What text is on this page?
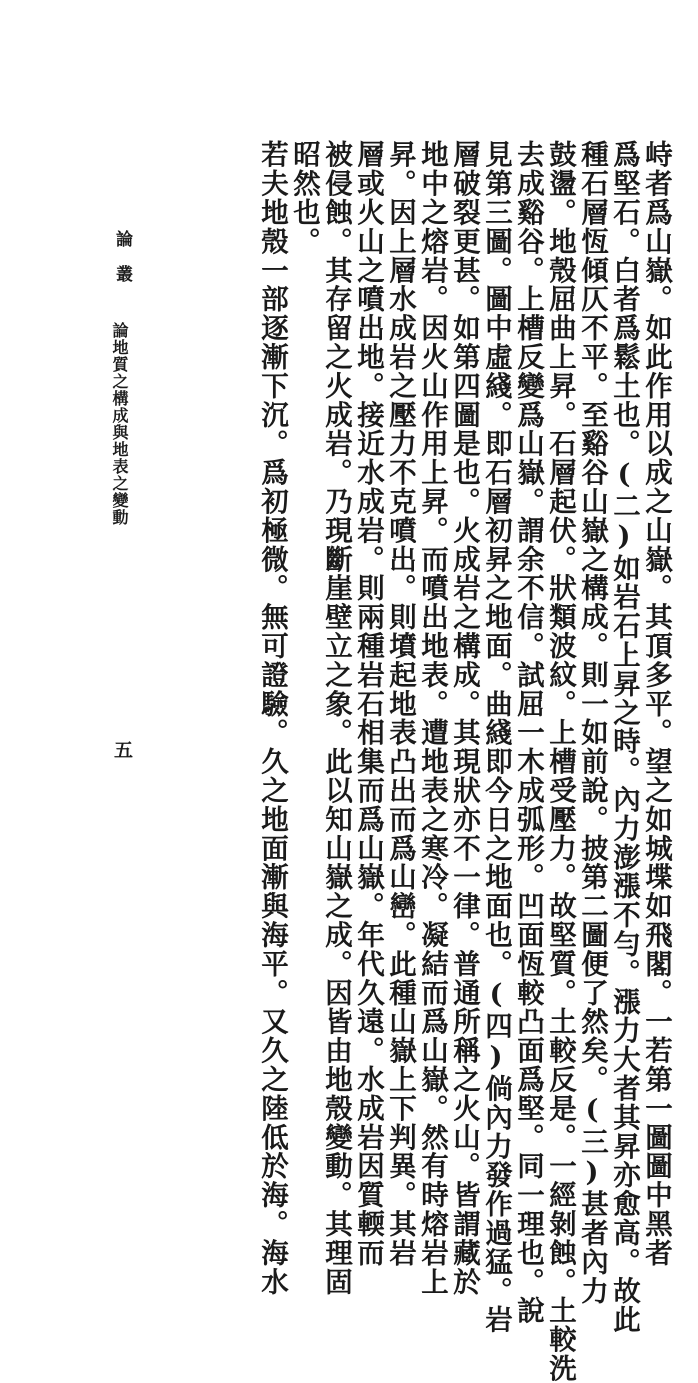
峙者爲山嶽。如此作用以成之山嶽。其頂多平。望之如城堞如飛閣。一若第一圖圖中黑者
爲堅石。白者爲鬆土也。(二)如岩石上昇之時。內力澎漲不勻。漲力大者其昇亦愈高。故此
種石層恆傾仄不平。至谿谷山嶽之構成。則一如前說。披第二圖便了然矣。(三)甚者內力
鼓盪。地殼屈曲上昇。石層起伏。狀類波紋。上槽受壓力。故堅質。土較反是。一經剝蝕。土較洗
去成谿谷。上槽反變爲山嶽。謂余不信。試屈一木成弧形。凹面恆較凸面爲堅。同一理也。說
見第三圖。圖中虛綫。即石層初昇之地面。曲綫即今日之地面也。(四)倘內力發作過猛。岩
層破裂更甚。如第四圖是也。火成岩之構成。其現狀亦不一律。普通所稱之火山。皆謂藏於
地中之熔岩。因火山作用上昇。而噴出地表。遭地表之寒冷。凝結而爲山嶽。然有時熔岩上
昇。因上層水成岩之壓力不克噴出。則墳起地表凸出而爲山巒。此種山嶽上下判異。其岩
層或火山之噴出地。接近水成岩。則兩種岩石相集而爲山嶽。年代久遠。水成岩因質輭而
被侵蝕。其存留之火成岩。乃現斷崖壁立之象。此以知山嶽之成。因皆由地殼變動。其理固
昭然也。
若夫地殼一部逐漸下沉。爲初極微。無可證驗。久之地面漸與海平。又久之陸低於海。海水
論叢
論地質之構成與地表之變動
五
